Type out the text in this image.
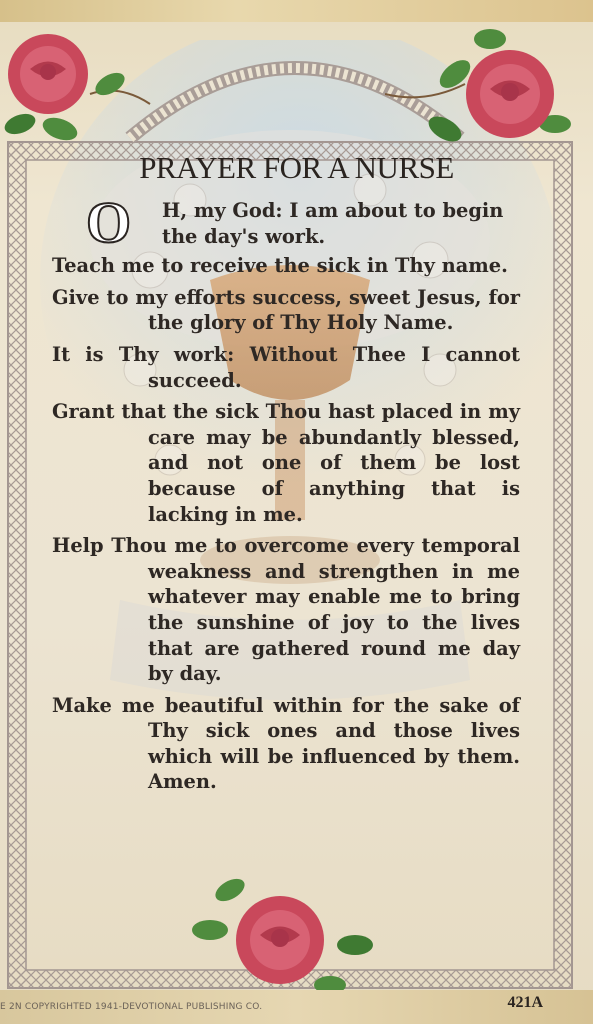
PRAYER FOR A NURSE
O H, my God: I am about to begin the day's work.

Teach me to receive the sick in Thy name.

Give to my efforts success, sweet Jesus, for the glory of Thy Holy Name.

It is Thy work: Without Thee I cannot succeed.

Grant that the sick Thou hast placed in my care may be abundantly blessed, and not one of them be lost because of anything that is lacking in me.

Help Thou me to overcome every temporal weakness and strengthen in me whatever may enable me to bring the sunshine of joy to the lives that are gathered round me day by day.

Make me beautiful within for the sake of Thy sick ones and those lives which will be influenced by them. Amen.

E 2N COPYRIGHTED 1941-DEVOTIONAL PUBLISHING CO.	421A
